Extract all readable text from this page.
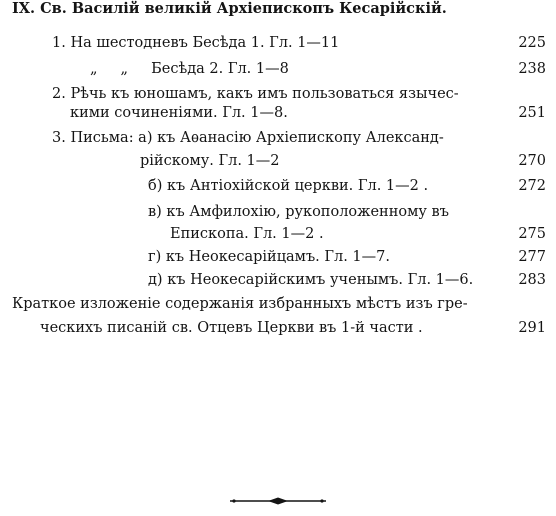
IX. Св. Василій великій Архіепископъ Кесарійскій.
1. На шестодневъ Бесѣда 1. Гл. 1—11	225
„     „     Бесѣда 2. Гл. 1—8	238
2. Рѣчь къ юношамъ, какъ имъ пользоваться язычес-
кими сочиненіями. Гл. 1—8.	251
3. Письма: а) къ Аѳанасію Архіепископу Александ-
рійскому. Гл. 1—2	270
б) къ Антіохійской церкви. Гл. 1—2 .	272
в) къ Амфилохію, рукоположенному въ
Епископа. Гл. 1—2 .	275
г) къ Неокесарійцамъ. Гл. 1—7.	277
д) къ Неокесарійскимъ ученымъ. Гл. 1—6.	283
Краткое изложеніе содержанія избранныхъ мѣстъ изъ гре-
ческихъ писаній св. Отцевъ Церкви въ 1-й части .	291
